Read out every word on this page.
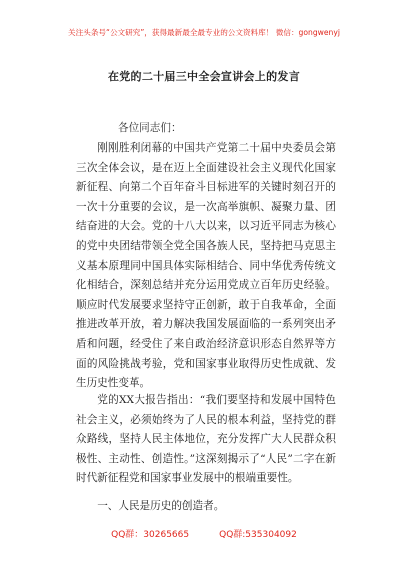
关注头条号“公文研究”，获得最新最全最专业的公文资料库！ 微信：gongwenyj
在党的二十届三中全会宣讲会上的发言
各位同志们：

刚刚胜利闭幕的中国共产党第二十届中央委员会第三次全体会议，是在迈上全面建设社会主义现代化国家新征程、向第二个百年奋斗目标进军的关键时刻召开的一次十分重要的会议，是一次高举旗帜、凝聚力量、团结奋进的大会。党的十八大以来，以习近平同志为核心的党中央团结带领全党全国各族人民，坚持把马克思主义基本原理同中国具体实际相结合、同中华优秀传统文化相结合，深刻总结并充分运用党成立百年历史经验。顺应时代发展要求坚持守正创新，敢于自我革命，全面推进改革开放，着力解决我国发展面临的一系列突出矛盾和问题，经受住了来自政治经济意识形态自然界等方面的风险挑战考验，党和国家事业取得历史性成就、发生历史性变革。

党的XX大报告指出：“我们要坚持和发展中国特色社会主义，必须始终为了人民的根本利益，坚持党的群众路线，坚持人民主体地位，充分发挥广大人民群众积极性、主动性、创造性。”这深刻揭示了“人民”二字在新时代新征程党和国家事业发展中的根端重要性。

一、人民是历史的创造者。

QQ群：30265665	QQ群:535304092
